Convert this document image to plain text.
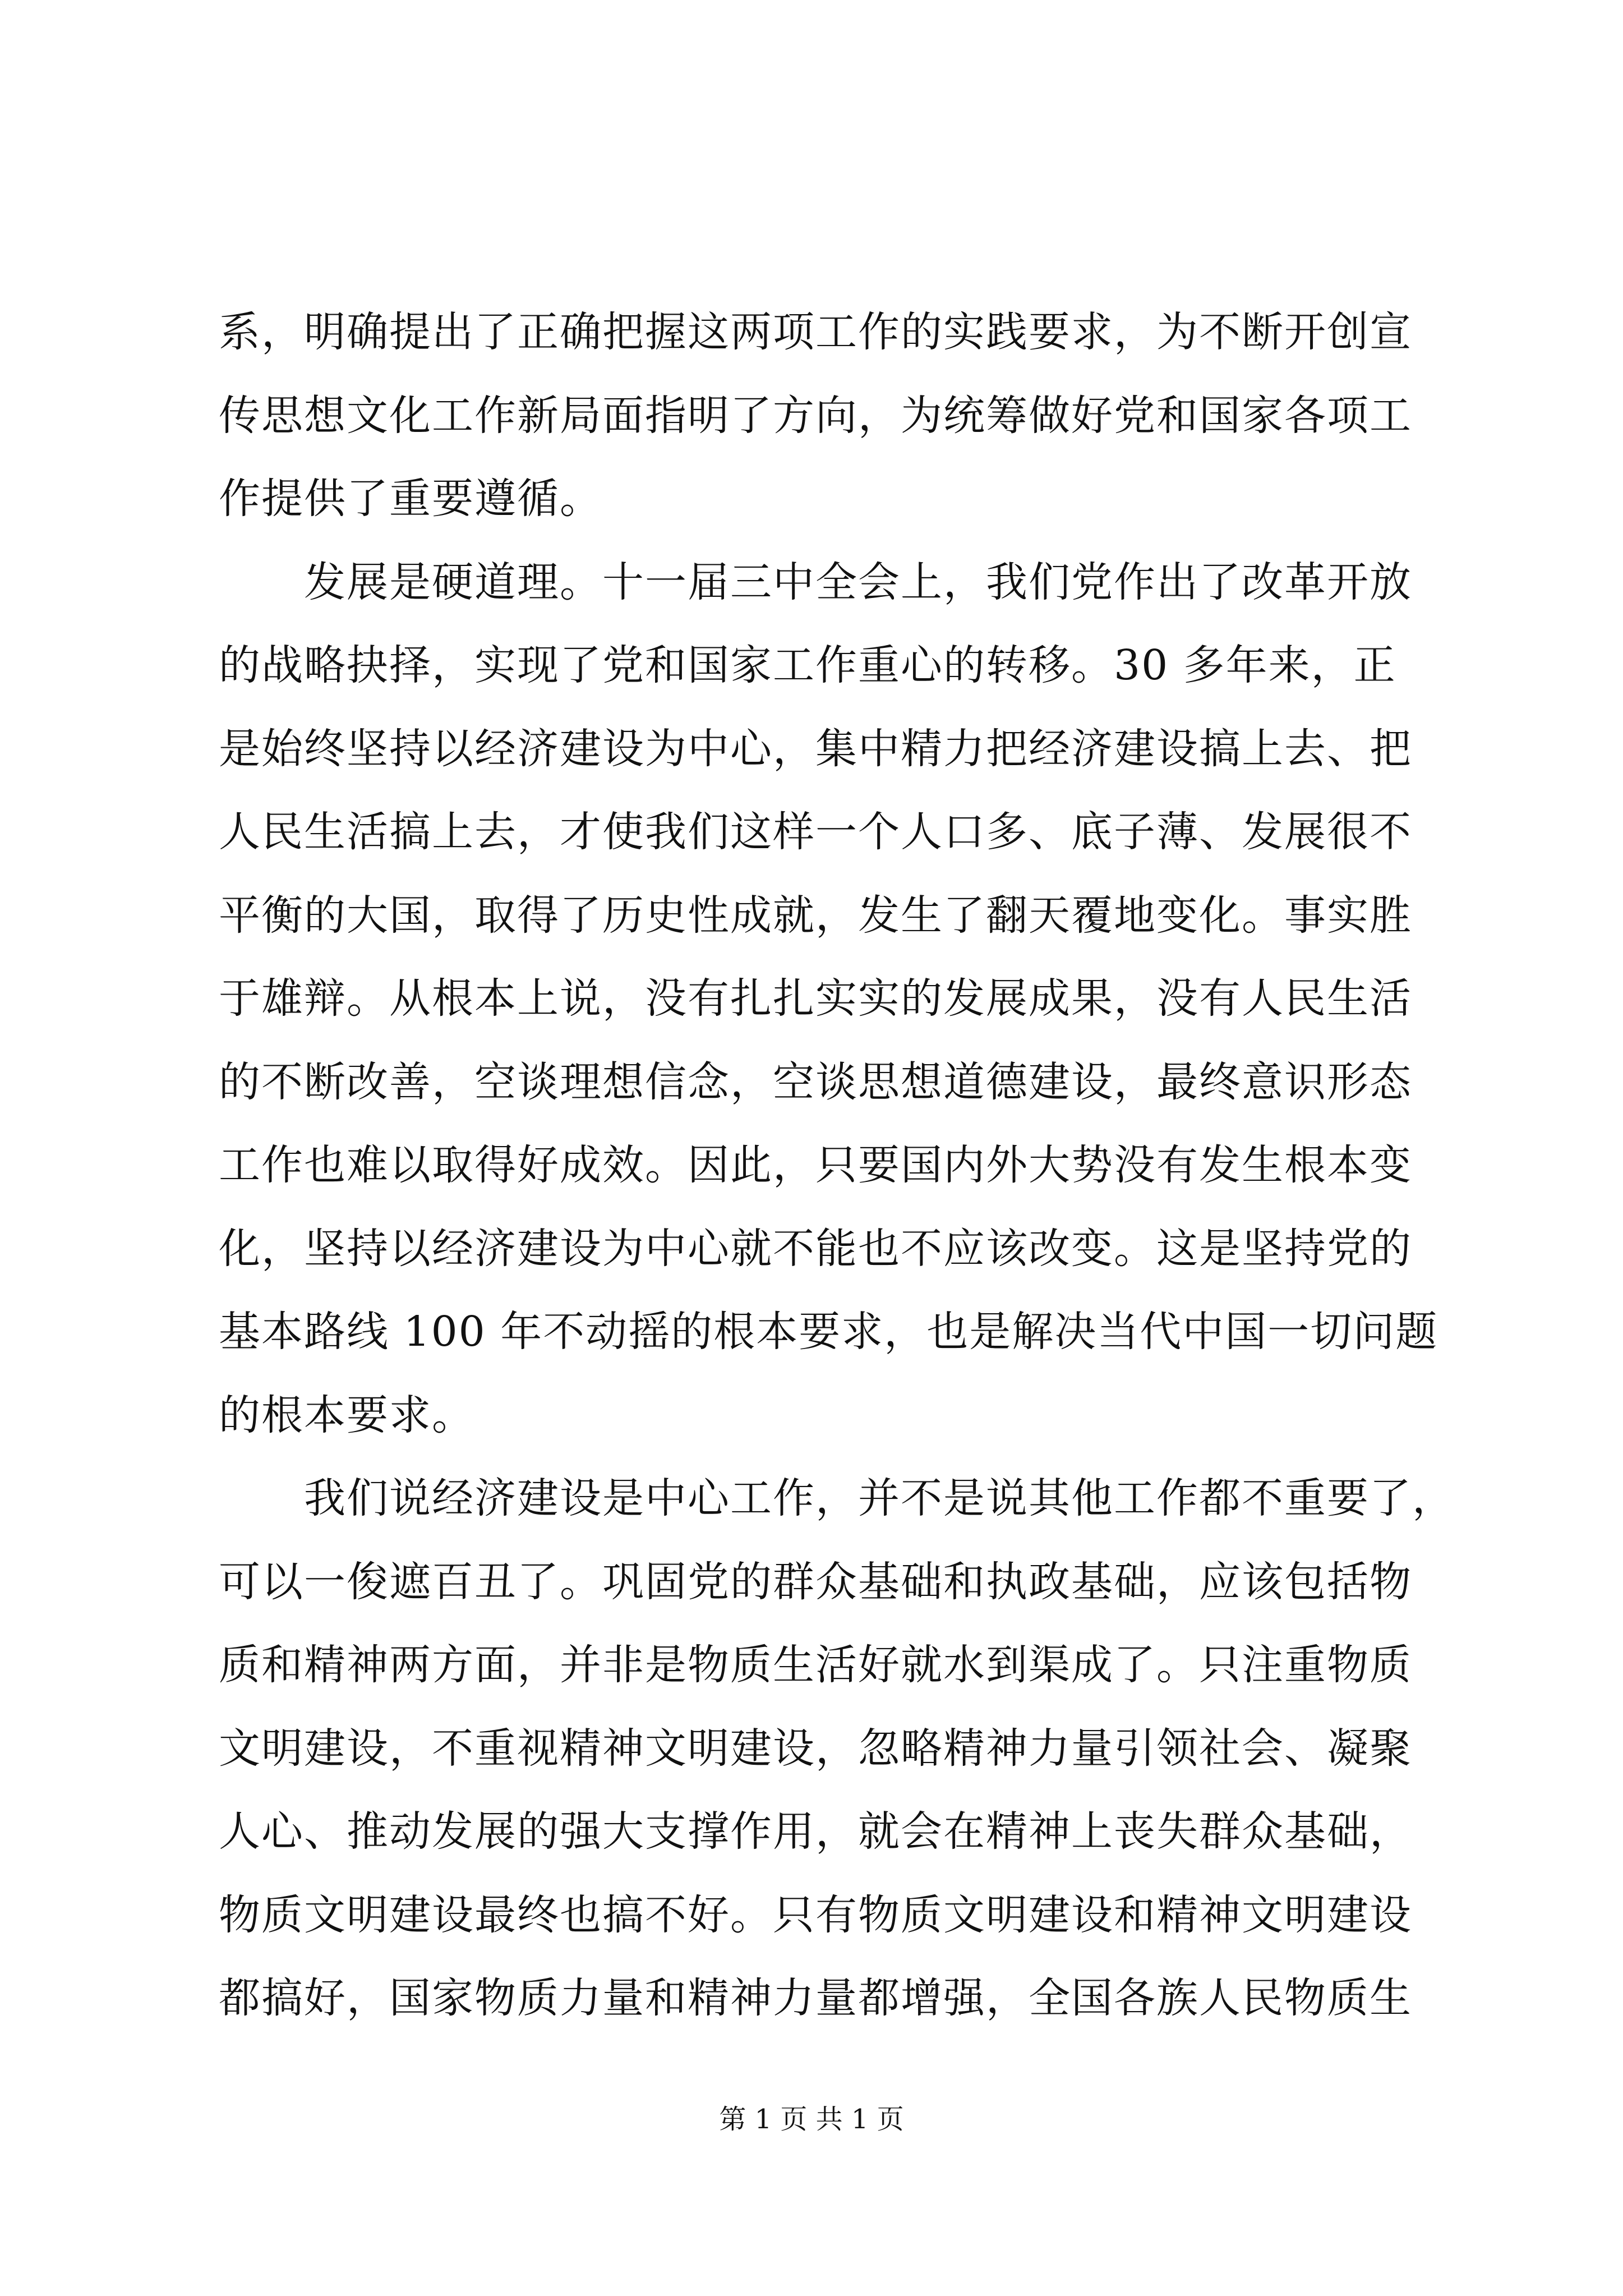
系，明确提出了正确把握这两项工作的实践要求，为不断开创宣
传思想文化工作新局面指明了方向，为统筹做好党和国家各项工
作提供了重要遵循。
　　发展是硬道理。十一届三中全会上，我们党作出了改革开放
的战略抉择，实现了党和国家工作重心的转移。30 多年来，正
是始终坚持以经济建设为中心，集中精力把经济建设搞上去、把
人民生活搞上去，才使我们这样一个人口多、底子薄、发展很不
平衡的大国，取得了历史性成就，发生了翻天覆地变化。事实胜
于雄辩。从根本上说，没有扎扎实实的发展成果，没有人民生活
的不断改善，空谈理想信念，空谈思想道德建设，最终意识形态
工作也难以取得好成效。因此，只要国内外大势没有发生根本变
化，坚持以经济建设为中心就不能也不应该改变。这是坚持党的
基本路线 100 年不动摇的根本要求，也是解决当代中国一切问题
的根本要求。
　　我们说经济建设是中心工作，并不是说其他工作都不重要了，
可以一俊遮百丑了。巩固党的群众基础和执政基础，应该包括物
质和精神两方面，并非是物质生活好就水到渠成了。只注重物质
文明建设，不重视精神文明建设，忽略精神力量引领社会、凝聚
人心、推动发展的强大支撑作用，就会在精神上丧失群众基础，
物质文明建设最终也搞不好。只有物质文明建设和精神文明建设
都搞好，国家物质力量和精神力量都增强，全国各族人民物质生
第 1 页 共 1 页
